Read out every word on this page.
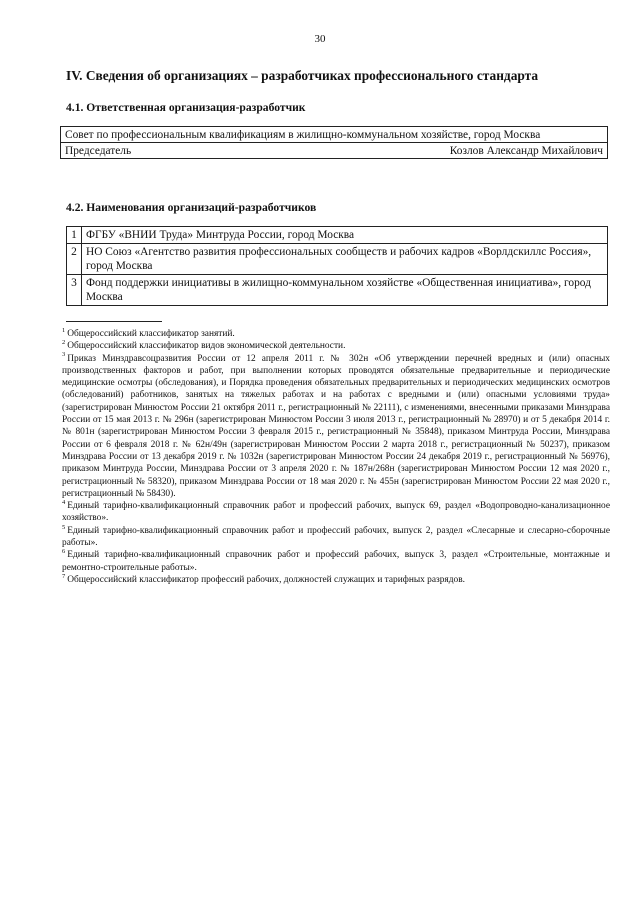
30
IV. Сведения об организациях – разработчиках профессионального стандарта
4.1. Ответственная организация-разработчик
Совет по профессиональным квалификациям в жилищно-коммунальном хозяйстве, город Москва
Председатель	Козлов Александр Михайлович
4.2. Наименования организаций-разработчиков
1	ФГБУ «ВНИИ Труда» Минтруда России, город Москва
2	НО Союз «Агентство развития профессиональных сообществ и рабочих кадров «Ворлдскиллс Россия», город Москва
3	Фонд поддержки инициативы в жилищно-коммунальном хозяйстве «Общественная инициатива», город Москва

$^1$ Общероссийский классификатор занятий.

$^2$ Общероссийский классификатор видов экономической деятельности.

$^3$ Приказ Минздравсоцразвития России от 12 апреля 2011 г. № 302н «Об утверждении перечней вредных и (или) опасных производственных факторов и работ, при выполнении которых проводятся обязательные предварительные и периодические медицинские осмотры (обследования), и Порядка проведения обязательных предварительных и периодических медицинских осмотров (обследований) работников, занятых на тяжелых работах и на работах с вредными и (или) опасными условиями труда» (зарегистрирован Минюстом России 21 октября 2011 г., регистрационный № 22111), с изменениями, внесенными приказами Минздрава России от 15 мая 2013 г. № 296н (зарегистрирован Минюстом России 3 июля 2013 г., регистрационный № 28970) и от 5 декабря 2014 г. № 801н (зарегистрирован Минюстом России 3 февраля 2015 г., регистрационный № 35848), приказом Минтруда России, Минздрава России от 6 февраля 2018 г. № 62н/49н (зарегистрирован Минюстом России 2 марта 2018 г., регистрационный № 50237), приказом Минздрава России от 13 декабря 2019 г. № 1032н (зарегистрирован Минюстом России 24 декабря 2019 г., регистрационный № 56976), приказом Минтруда России, Минздрава России от 3 апреля 2020 г. № 187н/268н (зарегистрирован Минюстом России 12 мая 2020 г., регистрационный № 58320), приказом Минздрава России от 18 мая 2020 г. № 455н (зарегистрирован Минюстом России 22 мая 2020 г., регистрационный № 58430).

$^4$ Единый тарифно-квалификационный справочник работ и профессий рабочих, выпуск 69, раздел «Водопроводно-канализационное хозяйство».

$^5$ Единый тарифно-квалификационный справочник работ и профессий рабочих, выпуск 2, раздел «Слесарные и слесарно-сборочные работы».

$^6$ Единый тарифно-квалификационный справочник работ и профессий рабочих, выпуск 3, раздел «Строительные, монтажные и ремонтно-строительные работы».

$^7$ Общероссийский классификатор профессий рабочих, должностей служащих и тарифных разрядов.
